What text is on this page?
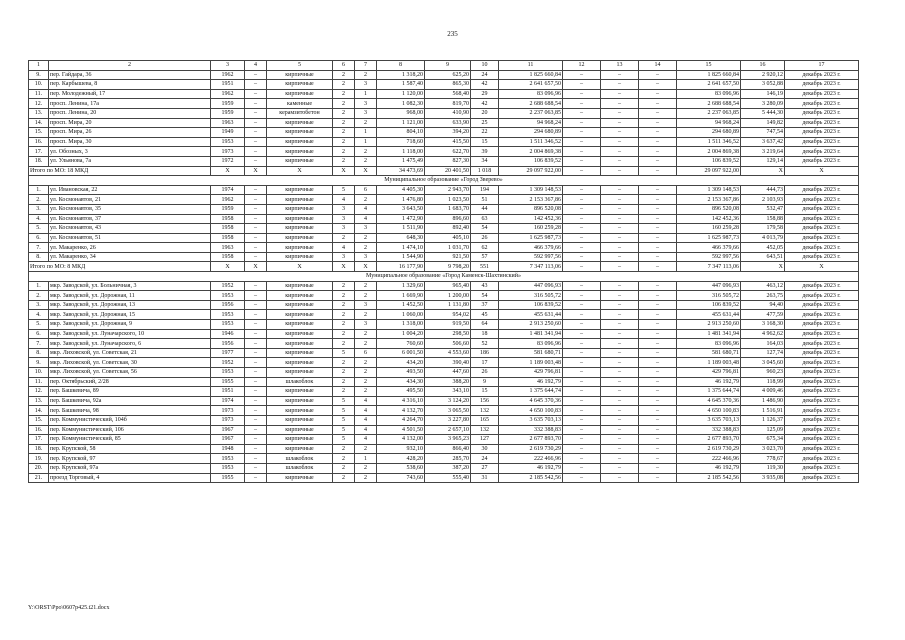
235
1	2	3	4	5	6	7	8	9	10	11	12	13	14	15	16	17
9.	пер. Гайдара, 36	1962	–	кирпичные	2	2	1 318,20	625,20	24	1 825 660,84	–	–	–	1 825 660,84	2 920,12	декабрь 2023 г.
10.	пер. Карбышева, 8	1951	–	кирпичные	2	3	1 587,40	865,30	42	2 641 657,50	–	–	–	2 641 657,50	3 052,88	декабрь 2023 г.
11.	пер. Молодежный, 17	1962	–	кирпичные	2	1	1 120,00	568,40	29	83 096,96	–	–	–	83 096,96	146,19	декабрь 2023 г.
12.	просп. Ленина, 17а	1959	–	каменные	2	3	1 082,30	819,70	42	2 688 688,54	–	–	–	2 688 688,54	3 280,09	декабрь 2023 г.
13.	просп. Ленина, 20	1959	–	керамзитобетон	2	3	968,00	410,90	20	2 237 063,85	–	–	–	2 237 063,85	5 444,30	декабрь 2023 г.
14.	просп. Мира, 20	1963	–	кирпичные	2	2	1 121,00	633,90	25	94 968,24	–	–	–	94 968,24	149,82	декабрь 2023 г.
15.	просп. Мира, 26	1949	–	кирпичные	2	1	804,10	394,20	22	294 680,89	–	–	–	294 680,89	747,54	декабрь 2023 г.
16.	просп. Мира, 30	1953	–	кирпичные	2	1	718,60	415,50	15	1 511 346,52	–	–	–	1 511 346,52	3 637,42	декабрь 2023 г.
17.	ул. Обозных, 3	1973	–	кирпичные	2	2	1 118,00	622,70	39	2 004 869,38	–	–	–	2 004 869,38	3 219,64	декабрь 2023 г.
18.	ул. Ульянова, 7а	1972	–	кирпичные	2	2	1 475,49	827,30	34	106 839,52	–	–	–	106 839,52	129,14	декабрь 2023 г.
Итого по МО: 18 МКД		X	X	X	X	X	34 473,69	20 401,50	1 018	29 097 922,00	–	–	–	29 097 922,00	X	X
Муниципальное образование «Город Зверево»																
1.	ул. Ивановская, 22	1974	–	кирпичные	5	6	4 405,30	2 943,70	194	1 309 148,53	–	–	–	1 309 148,53	444,73	декабрь 2023 г.
2.	ул. Космонавтов, 21	1962	–	кирпичные	4	2	1 476,80	1 023,50	51	2 153 367,86	–	–	–	2 153 367,86	2 103,93	декабрь 2023 г.
3.	ул. Космонавтов, 35	1959	–	кирпичные	3	4	3 643,50	1 683,70	44	896 520,08	–	–	–	896 520,08	532,47	декабрь 2023 г.
4.	ул. Космонавтов, 37	1958	–	кирпичные	3	4	1 472,90	896,60	63	142 452,36	–	–	–	142 452,36	158,88	декабрь 2023 г.
5.	ул. Космонавтов, 43	1958	–	кирпичные	3	3	1 511,90	892,40	54	160 259,28	–	–	–	160 259,28	179,58	декабрь 2023 г.
6.	ул. Космонавтов, 51	1958	–	кирпичные	2	2	648,30	405,10	26	1 625 987,73	–	–	–	1 625 987,73	4 013,79	декабрь 2023 г.
7.	ул. Макаренко, 26	1963	–	кирпичные	4	2	1 474,10	1 031,70	62	466 379,66	–	–	–	466 379,66	452,05	декабрь 2023 г.
8.	ул. Макаренко, 34	1958	–	кирпичные	3	3	1 544,90	921,50	57	592 997,56	–	–	–	592 997,56	643,51	декабрь 2023 г.
Итого по МО: 8 МКД		X	X	X	X	X	16 177,90	9 798,20	551	7 347 113,06	–	–	–	7 347 113,06	X	X
Муниципальное образование «Город Каменск-Шахтинский»																
1.	мкр. Заводской, ул. Больничная, 3	1952	–	кирпичные	2	2	1 329,60	965,40	43	447 096,93	–	–	–	447 096,93	463,12	декабрь 2023 г.
2.	мкр. Заводской, ул. Дорожная, 11	1953	–	кирпичные	2	2	1 669,90	1 200,00	54	316 505,72	–	–	–	316 505,72	263,75	декабрь 2023 г.
3.	мкр. Заводской, ул. Дорожная, 13	1956	–	кирпичные	2	3	1 452,50	1 131,80	37	106 839,52	–	–	–	106 839,52	94,40	декабрь 2023 г.
4.	мкр. Заводской, ул. Дорожная, 15	1953	–	кирпичные	2	2	1 060,00	954,02	45	455 631,44	–	–	–	455 631,44	477,59	декабрь 2023 г.
5.	мкр. Заводской, ул. Дорожная, 9	1953	–	кирпичные	2	3	1 318,00	919,50	64	2 913 250,60	–	–	–	2 913 250,60	3 168,30	декабрь 2023 г.
6.	мкр. Заводской, ул. Луначарского, 10	1946	–	кирпичные	2	2	1 004,20	298,50	18	1 481 341,94	–	–	–	1 481 341,94	4 962,62	декабрь 2023 г.
7.	мкр. Заводской, ул. Луначарского, 6	1956	–	кирпичные	2	2	760,60	506,60	52	83 096,96	–	–	–	83 096,96	164,03	декабрь 2023 г.
8.	мкр. Лиховской, ул. Советская, 21	1977	–	кирпичные	5	6	6 001,50	4 553,60	186	581 680,71	–	–	–	581 680,71	127,74	декабрь 2023 г.
9.	мкр. Лиховской, ул. Советская, 30	1952	–	кирпичные	2	2	434,20	390,40	17	1 189 003,48	–	–	–	1 189 003,48	3 045,60	декабрь 2023 г.
10.	мкр. Лиховской, ул. Советская, 56	1953	–	кирпичные	2	2	493,50	447,60	26	429 796,81	–	–	–	429 796,81	960,23	декабрь 2023 г.
11.	пер. Октябрьский, 2/28	1955	–	шлакоблок	2	2	434,30	388,20	9	46 192,79	–	–	–	46 192,79	118,99	декабрь 2023 г.
12.	пер. Башкевича, 89	1951	–	кирпичные	2	2	495,50	343,10	15	1 375 644,74	–	–	–	1 375 644,74	4 009,46	декабрь 2023 г.
13.	пер. Башкевича, 92а	1974	–	кирпичные	5	4	4 316,10	3 124,20	156	4 645 370,36	–	–	–	4 645 370,36	1 486,90	декабрь 2023 г.
14.	пер. Башкевича, 98	1973	–	кирпичные	5	4	4 132,70	3 065,50	132	4 650 100,83	–	–	–	4 650 100,83	1 516,91	декабрь 2023 г.
15.	пер. Коммунистический, 104б	1973	–	кирпичные	5	4	4 264,70	3 227,80	165	3 635 703,13	–	–	–	3 635 703,13	1 126,37	декабрь 2023 г.
16.	пер. Коммунистический, 106	1967	–	кирпичные	5	4	4 501,50	2 657,10	132	332 388,83	–	–	–	332 388,83	125,09	декабрь 2023 г.
17.	пер. Коммунистический, 85	1967	–	кирпичные	5	4	4 132,00	3 965,23	127	2 677 893,70	–	–	–	2 677 893,70	675,34	декабрь 2023 г.
18.	пер. Крупской, 58	1948	–	кирпичные	2	2	932,10	866,40	30	2 619 730,29	–	–	–	2 619 730,29	3 023,70	декабрь 2023 г.
19.	пер. Крупской, 97	1953	–	шлакоблок	2	1	428,20	285,70	24	222 466,96	–	–	–	222 466,96	778,67	декабрь 2023 г.
20.	пер. Крупской, 97а	1953	–	шлакоблок	2	2	538,60	387,20	27	46 192,79	–	–	–	46 192,79	119,30	декабрь 2023 г.
21.	проезд Торговый, 4	1955	–	кирпичные	2	2	743,60	555,40	31	2 185 542,56	–	–	–	2 185 542,56	3 935,08	декабрь 2023 г.
Y:\ORST\Ppo\0607p425.t21.docx
